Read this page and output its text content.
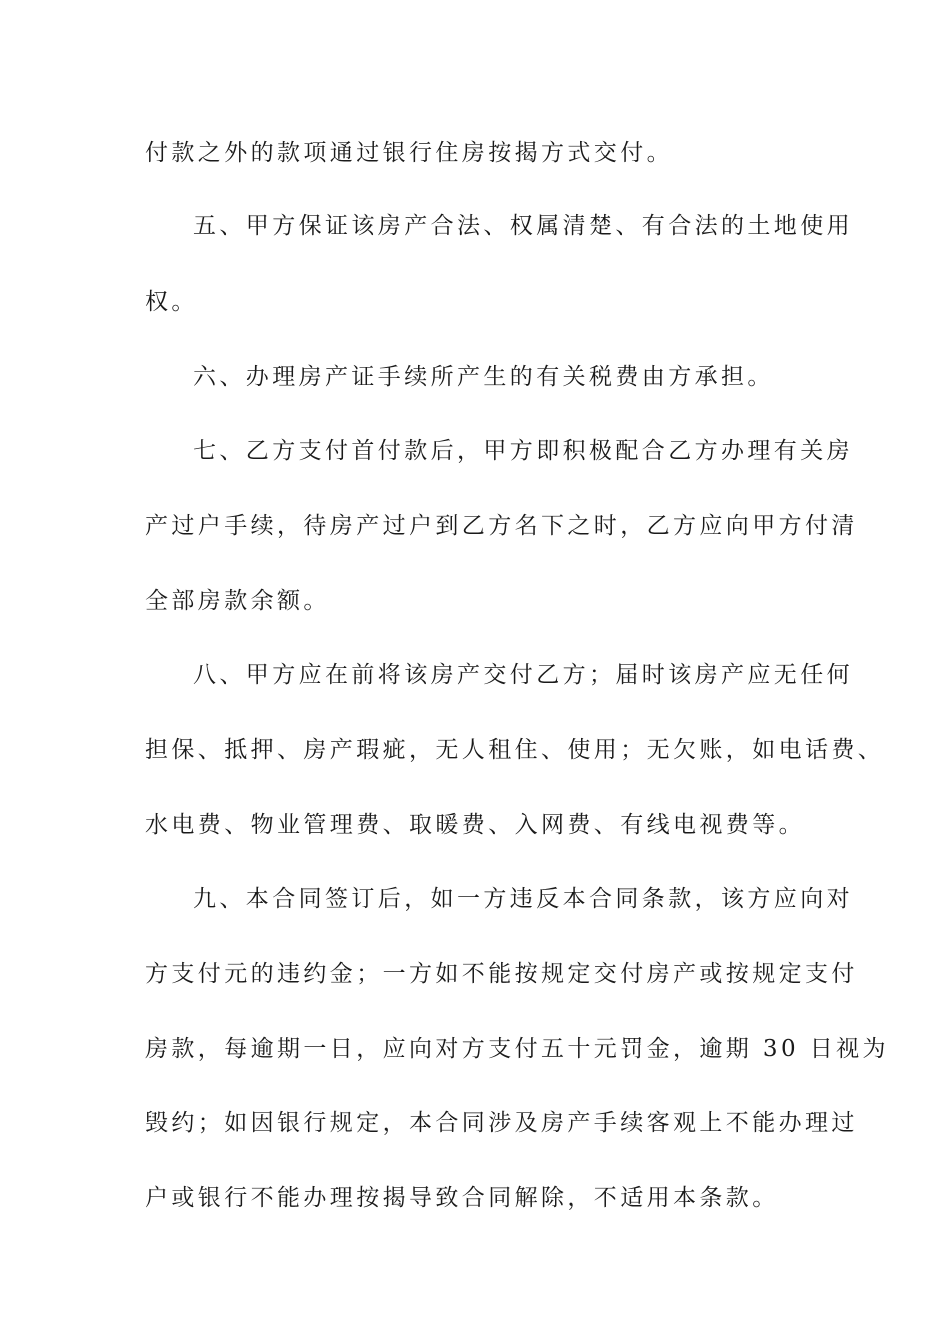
付款之外的款项通过银行住房按揭方式交付。
五、甲方保证该房产合法、权属清楚、有合法的土地使用
权。
六、办理房产证手续所产生的有关税费由方承担。
七、乙方支付首付款后，甲方即积极配合乙方办理有关房
产过户手续，待房产过户到乙方名下之时，乙方应向甲方付清
全部房款余额。
八、甲方应在前将该房产交付乙方；届时该房产应无任何
担保、抵押、房产瑕疵，无人租住、使用；无欠账，如电话费、
水电费、物业管理费、取暖费、入网费、有线电视费等。
九、本合同签订后，如一方违反本合同条款，该方应向对
方支付元的违约金；一方如不能按规定交付房产或按规定支付
房款，每逾期一日，应向对方支付五十元罚金，逾期 30 日视为
毁约；如因银行规定，本合同涉及房产手续客观上不能办理过
户或银行不能办理按揭导致合同解除，不适用本条款。
